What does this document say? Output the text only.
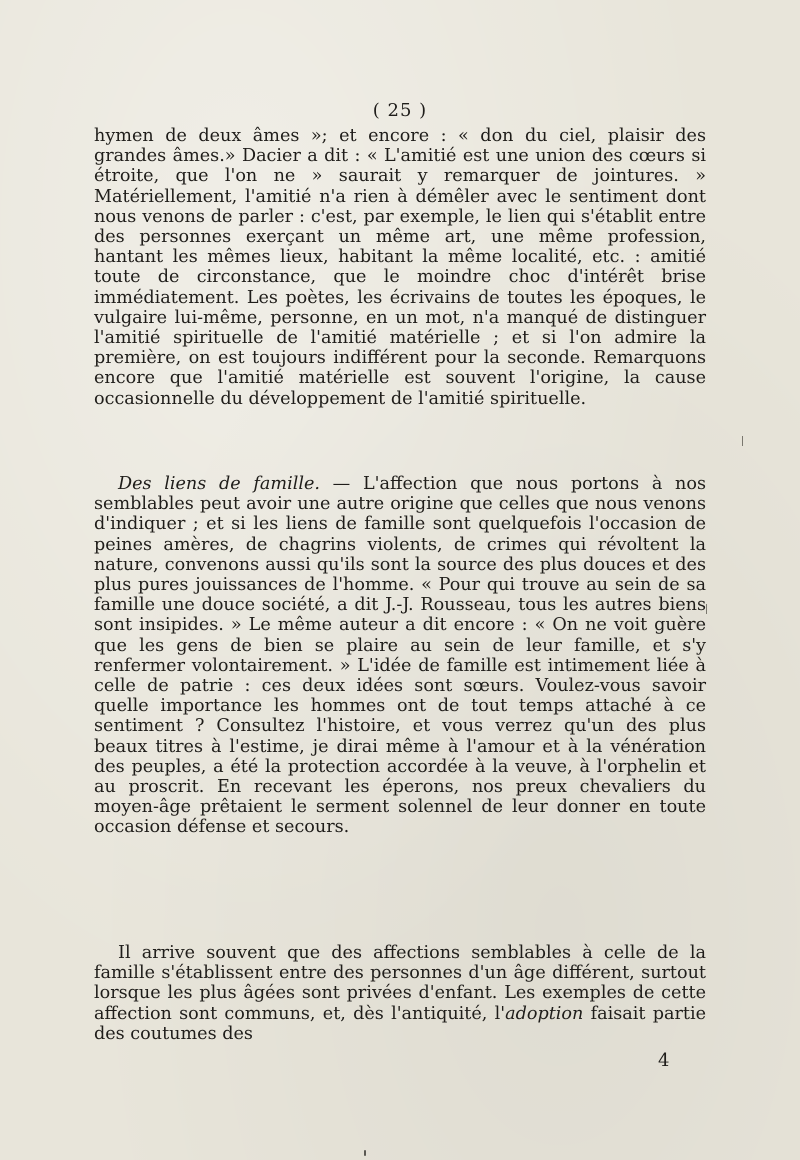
( 25 )

hymen de deux âmes »; et encore : « don du ciel, plaisir des grandes âmes.» Dacier a dit : « L'amitié est une union des cœurs si étroite, que l'on ne » saurait y remarquer de jointures. » Matériellement, l'amitié n'a rien à démêler avec le sentiment dont nous venons de parler : c'est, par exemple, le lien qui s'établit entre des personnes exerçant un même art, une même profession, hantant les mêmes lieux, habitant la même localité, etc. : amitié toute de circonstance, que le moindre choc d'intérêt brise immédiatement. Les poètes, les écrivains de toutes les époques, le vulgaire lui-même, personne, en un mot, n'a manqué de distinguer l'amitié spirituelle de l'amitié matérielle ; et si l'on admire la première, on est toujours indifférent pour la seconde. Remarquons encore que l'amitié matérielle est souvent l'origine, la cause occasionnelle du développement de l'amitié spirituelle.

Des liens de famille. — L'affection que nous portons à nos semblables peut avoir une autre origine que celles que nous venons d'indiquer ; et si les liens de famille sont quelquefois l'occasion de peines amères, de chagrins violents, de crimes qui révoltent la nature, convenons aussi qu'ils sont la source des plus douces et des plus pures jouissances de l'homme. « Pour qui trouve au sein de sa famille une douce société, a dit J.-J. Rousseau, tous les autres biens sont insipides. » Le même auteur a dit encore : « On ne voit guère que les gens de bien se plaire au sein de leur famille, et s'y renfermer volontairement. » L'idée de famille est intimement liée à celle de patrie : ces deux idées sont sœurs. Voulez-vous savoir quelle importance les hommes ont de tout temps attaché à ce sentiment ? Consultez l'histoire, et vous verrez qu'un des plus beaux titres à l'estime, je dirai même à l'amour et à la vénération des peuples, a été la protection accordée à la veuve, à l'orphelin et au proscrit. En recevant les éperons, nos preux chevaliers du moyen-âge prêtaient le serment solennel de leur donner en toute occasion défense et secours.

Il arrive souvent que des affections semblables à celle de la famille s'établissent entre des personnes d'un âge différent, surtout lorsque les plus âgées sont privées d'enfant. Les exemples de cette affection sont communs, et, dès l'antiquité, l'adoption faisait partie des coutumes des

4
